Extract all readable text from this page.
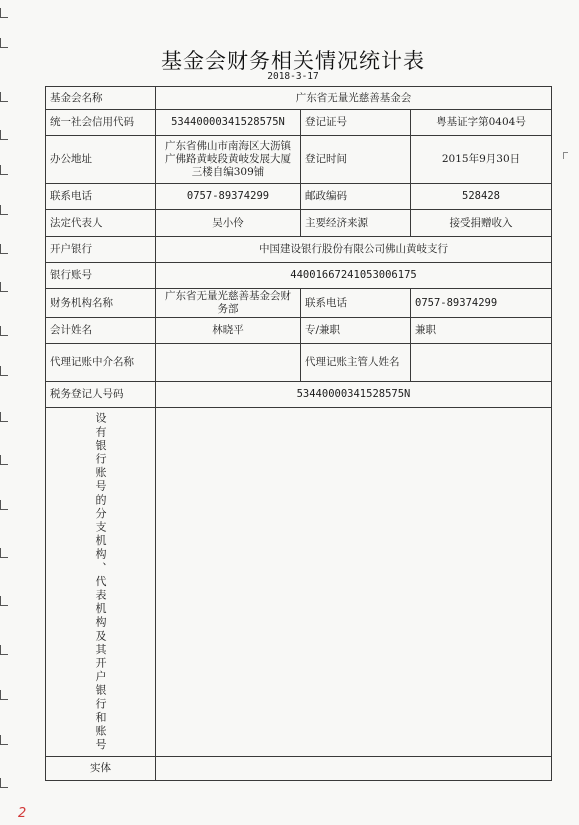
基金会财务相关情况统计表
2018-3-17
基金会名称	广东省无量光慈善基金会		
统一社会信用代码	53440000341528575N	登记证号	粤基证字第0404号
办公地址	广东省佛山市南海区大沥镇广佛路黄岐段黄岐发展大厦三楼自编309铺	登记时间	2015年9月30日
联系电话	0757-89374299	邮政编码	528428
法定代表人	吴小伶	主要经济来源	接受捐赠收入
开户银行	中国建设银行股份有限公司佛山黄岐支行		
银行账号	44001667241053006175		
财务机构名称	广东省无量光慈善基金会财务部	联系电话	0757-89374299
会计姓名	林晓平	专/兼职	兼职
代理记账中介名称		代理记账主管人姓名	
税务登记人号码	53440000341528575N		

设有银行账号的分支机构、代表机构及其开户银行和账号			

实体			
2
